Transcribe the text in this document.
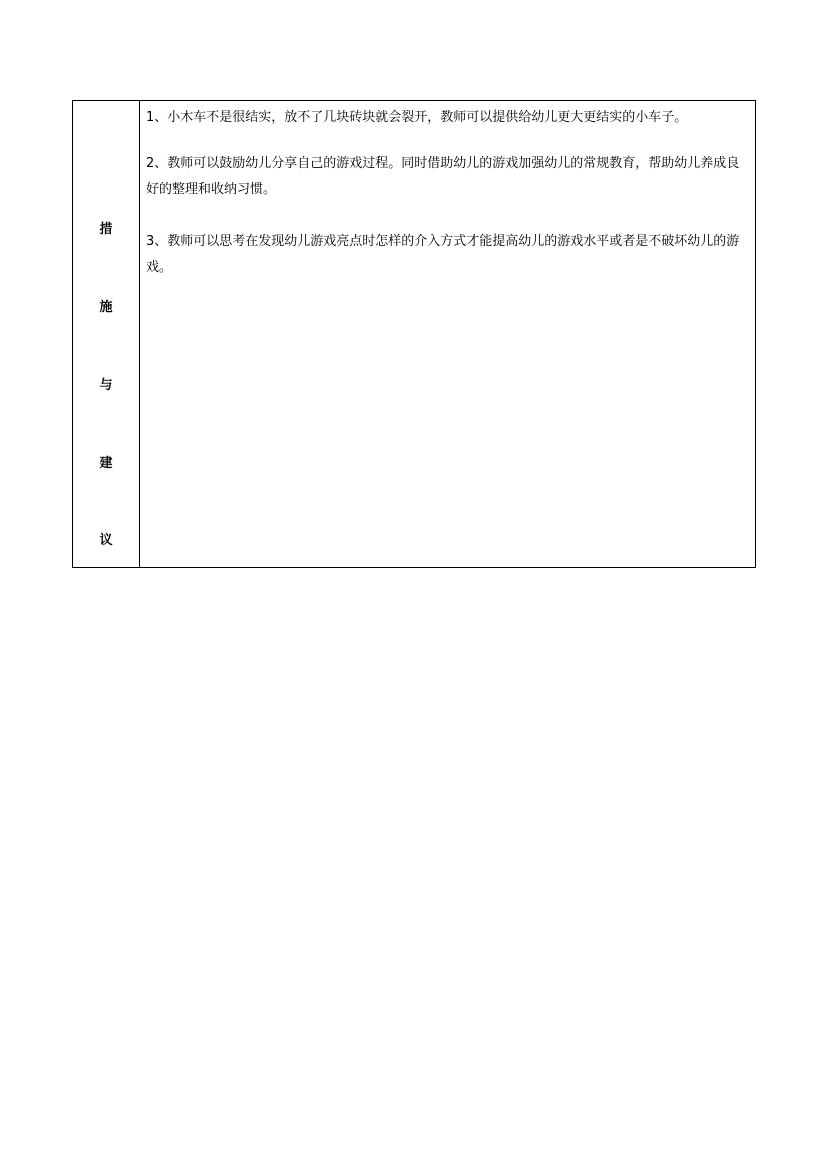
措
施
与
建
议

1、小木车不是很结实，放不了几块砖块就会裂开，教师可以提供给幼儿更大更结实的小车子。
2、教师可以鼓励幼儿分享自己的游戏过程。同时借助幼儿的游戏加强幼儿的常规教育，帮助幼儿养成良好的整理和收纳习惯。
3、教师可以思考在发现幼儿游戏亮点时怎样的介入方式才能提高幼儿的游戏水平或者是不破坏幼儿的游戏。
